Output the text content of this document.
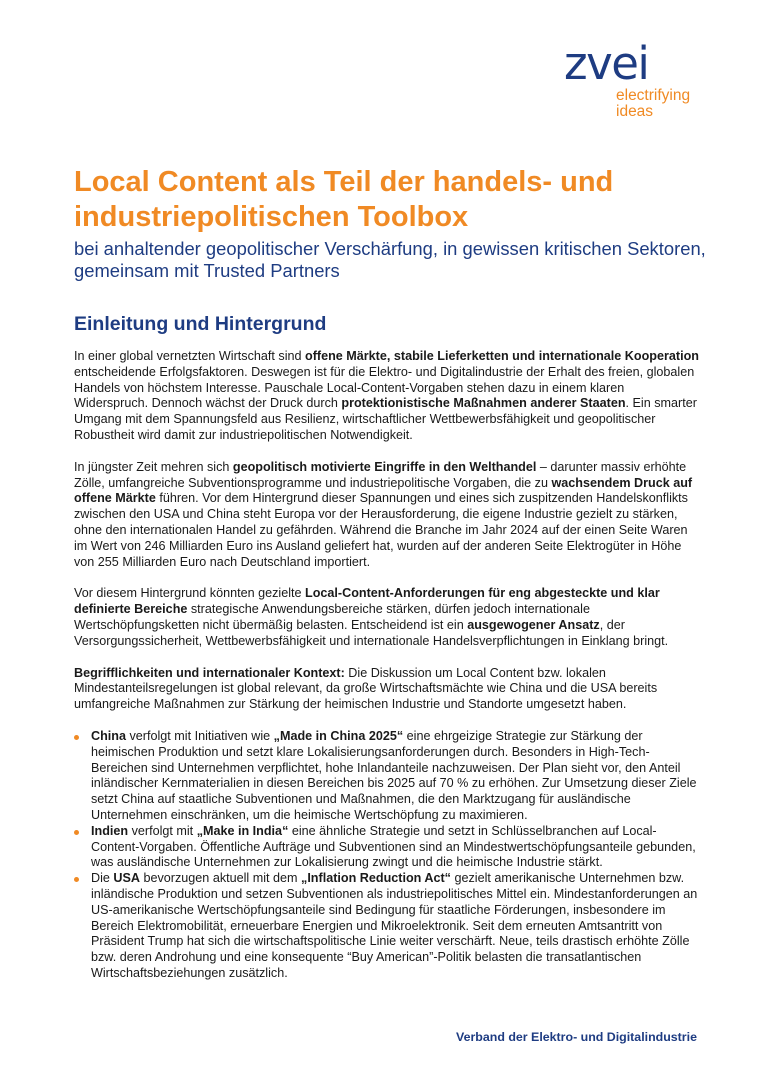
zvei
electrifying
ideas
Local Content als Teil der handels- und industriepolitischen Toolbox

bei anhaltender geopolitischer Verschärfung, in gewissen kritischen Sektoren, gemeinsam mit Trusted Partners

Einleitung und Hintergrund

In einer global vernetzten Wirtschaft sind offene Märkte, stabile Lieferketten und internationale Kooperation entscheidende Erfolgsfaktoren. Deswegen ist für die Elektro- und Digitalindustrie der Erhalt des freien, globalen Handels von höchstem Interesse. Pauschale Local-Content-Vorgaben stehen dazu in einem klaren Widerspruch. Dennoch wächst der Druck durch protektionistische Maßnahmen anderer Staaten. Ein smarter Umgang mit dem Spannungsfeld aus Resilienz, wirtschaftlicher Wettbewerbsfähigkeit und geopolitischer Robustheit wird damit zur industriepolitischen Notwendigkeit.

In jüngster Zeit mehren sich geopolitisch motivierte Eingriffe in den Welthandel – darunter massiv erhöhte Zölle, umfangreiche Subventionsprogramme und industriepolitische Vorgaben, die zu wachsendem Druck auf offene Märkte führen. Vor dem Hintergrund dieser Spannungen und eines sich zuspitzenden Handelskonflikts zwischen den USA und China steht Europa vor der Herausforderung, die eigene Industrie gezielt zu stärken, ohne den internationalen Handel zu gefährden. Während die Branche im Jahr 2024 auf der einen Seite Waren im Wert von 246 Milliarden Euro ins Ausland geliefert hat, wurden auf der anderen Seite Elektrogüter in Höhe von 255 Milliarden Euro nach Deutschland importiert.

Vor diesem Hintergrund könnten gezielte Local-Content-Anforderungen für eng abgesteckte und klar definierte Bereiche strategische Anwendungsbereiche stärken, dürfen jedoch internationale Wertschöpfungsketten nicht übermäßig belasten. Entscheidend ist ein ausgewogener Ansatz, der Versorgungssicherheit, Wettbewerbsfähigkeit und internationale Handelsverpflichtungen in Einklang bringt.

Begrifflichkeiten und internationaler Kontext: Die Diskussion um Local Content bzw. lokalen Mindestanteilsregelungen ist global relevant, da große Wirtschaftsmächte wie China und die USA bereits umfangreiche Maßnahmen zur Stärkung der heimischen Industrie und Standorte umgesetzt haben.

China verfolgt mit Initiativen wie „Made in China 2025“ eine ehrgeizige Strategie zur Stärkung der heimischen Produktion und setzt klare Lokalisierungsanforderungen durch. Besonders in High-Tech-Bereichen sind Unternehmen verpflichtet, hohe Inlandanteile nachzuweisen. Der Plan sieht vor, den Anteil inländischer Kernmaterialien in diesen Bereichen bis 2025 auf 70 % zu erhöhen. Zur Umsetzung dieser Ziele setzt China auf staatliche Subventionen und Maßnahmen, die den Marktzugang für ausländische Unternehmen einschränken, um die heimische Wertschöpfung zu maximieren.
Indien verfolgt mit „Make in India“ eine ähnliche Strategie und setzt in Schlüsselbranchen auf Local-Content-Vorgaben. Öffentliche Aufträge und Subventionen sind an Mindestwertschöpfungsanteile gebunden, was ausländische Unternehmen zur Lokalisierung zwingt und die heimische Industrie stärkt.
Die USA bevorzugen aktuell mit dem „Inflation Reduction Act“ gezielt amerikanische Unternehmen bzw. inländische Produktion und setzen Subventionen als industriepolitisches Mittel ein. Mindestanforderungen an US-amerikanische Wertschöpfungsanteile sind Bedingung für staatliche Förderungen, insbesondere im Bereich Elektromobilität, erneuerbare Energien und Mikroelektronik. Seit dem erneuten Amtsantritt von Präsident Trump hat sich die wirtschaftspolitische Linie weiter verschärft. Neue, teils drastisch erhöhte Zölle bzw. deren Androhung und eine konsequente “Buy American”-Politik belasten die transatlantischen Wirtschaftsbeziehungen zusätzlich.

Verband der Elektro- und Digitalindustrie
